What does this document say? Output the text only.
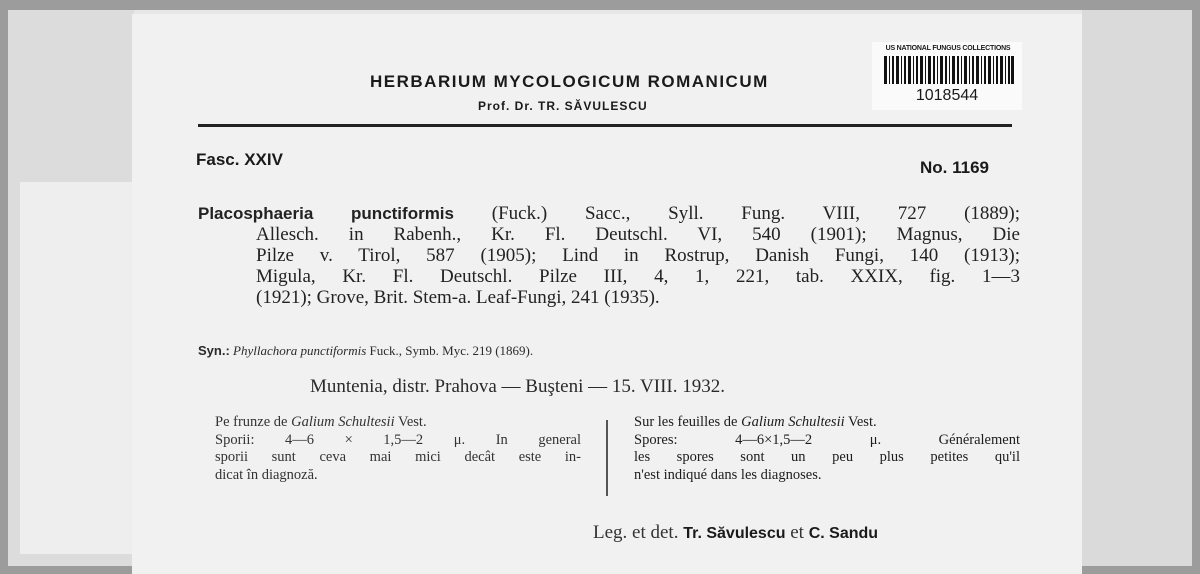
HERBARIUM MYCOLOGICUM ROMANICUM
Prof. Dr. TR. SĂVULESCU
US NATIONAL FUNGUS COLLECTIONS
1018544
Fasc. XXIV	No. 1169
Placosphaeria punctiformis (Fuck.) Sacc., Syll. Fung. VIII, 727 (1889);
Allesch. in Rabenh., Kr. Fl. Deutschl. VI, 540 (1901); Magnus, Die
Pilze v. Tirol, 587 (1905); Lind in Rostrup, Danish Fungi, 140 (1913);
Migula, Kr. Fl. Deutschl. Pilze III, 4, 1, 221, tab. XXIX, fig. 1—3
(1921); Grove, Brit. Stem-a. Leaf-Fungi, 241 (1935).
Syn.: Phyllachora punctiformis Fuck., Symb. Myc. 219 (1869).
Muntenia, distr. Prahova — Buşteni — 15. VIII. 1932.
Pe frunze de Galium Schultesii Vest.
Sporii: 4—6 × 1,5—2 μ. In general
sporii sunt ceva mai mici decât este in-
dicat în diagnoză.
Sur les feuilles de Galium Schultesii Vest.
Spores: 4—6×1,5—2 μ. Généralement
les spores sont un peu plus petites qu'il
n'est indiqué dans les diagnoses.
Leg. et det. Tr. Săvulescu et C. Sandu
